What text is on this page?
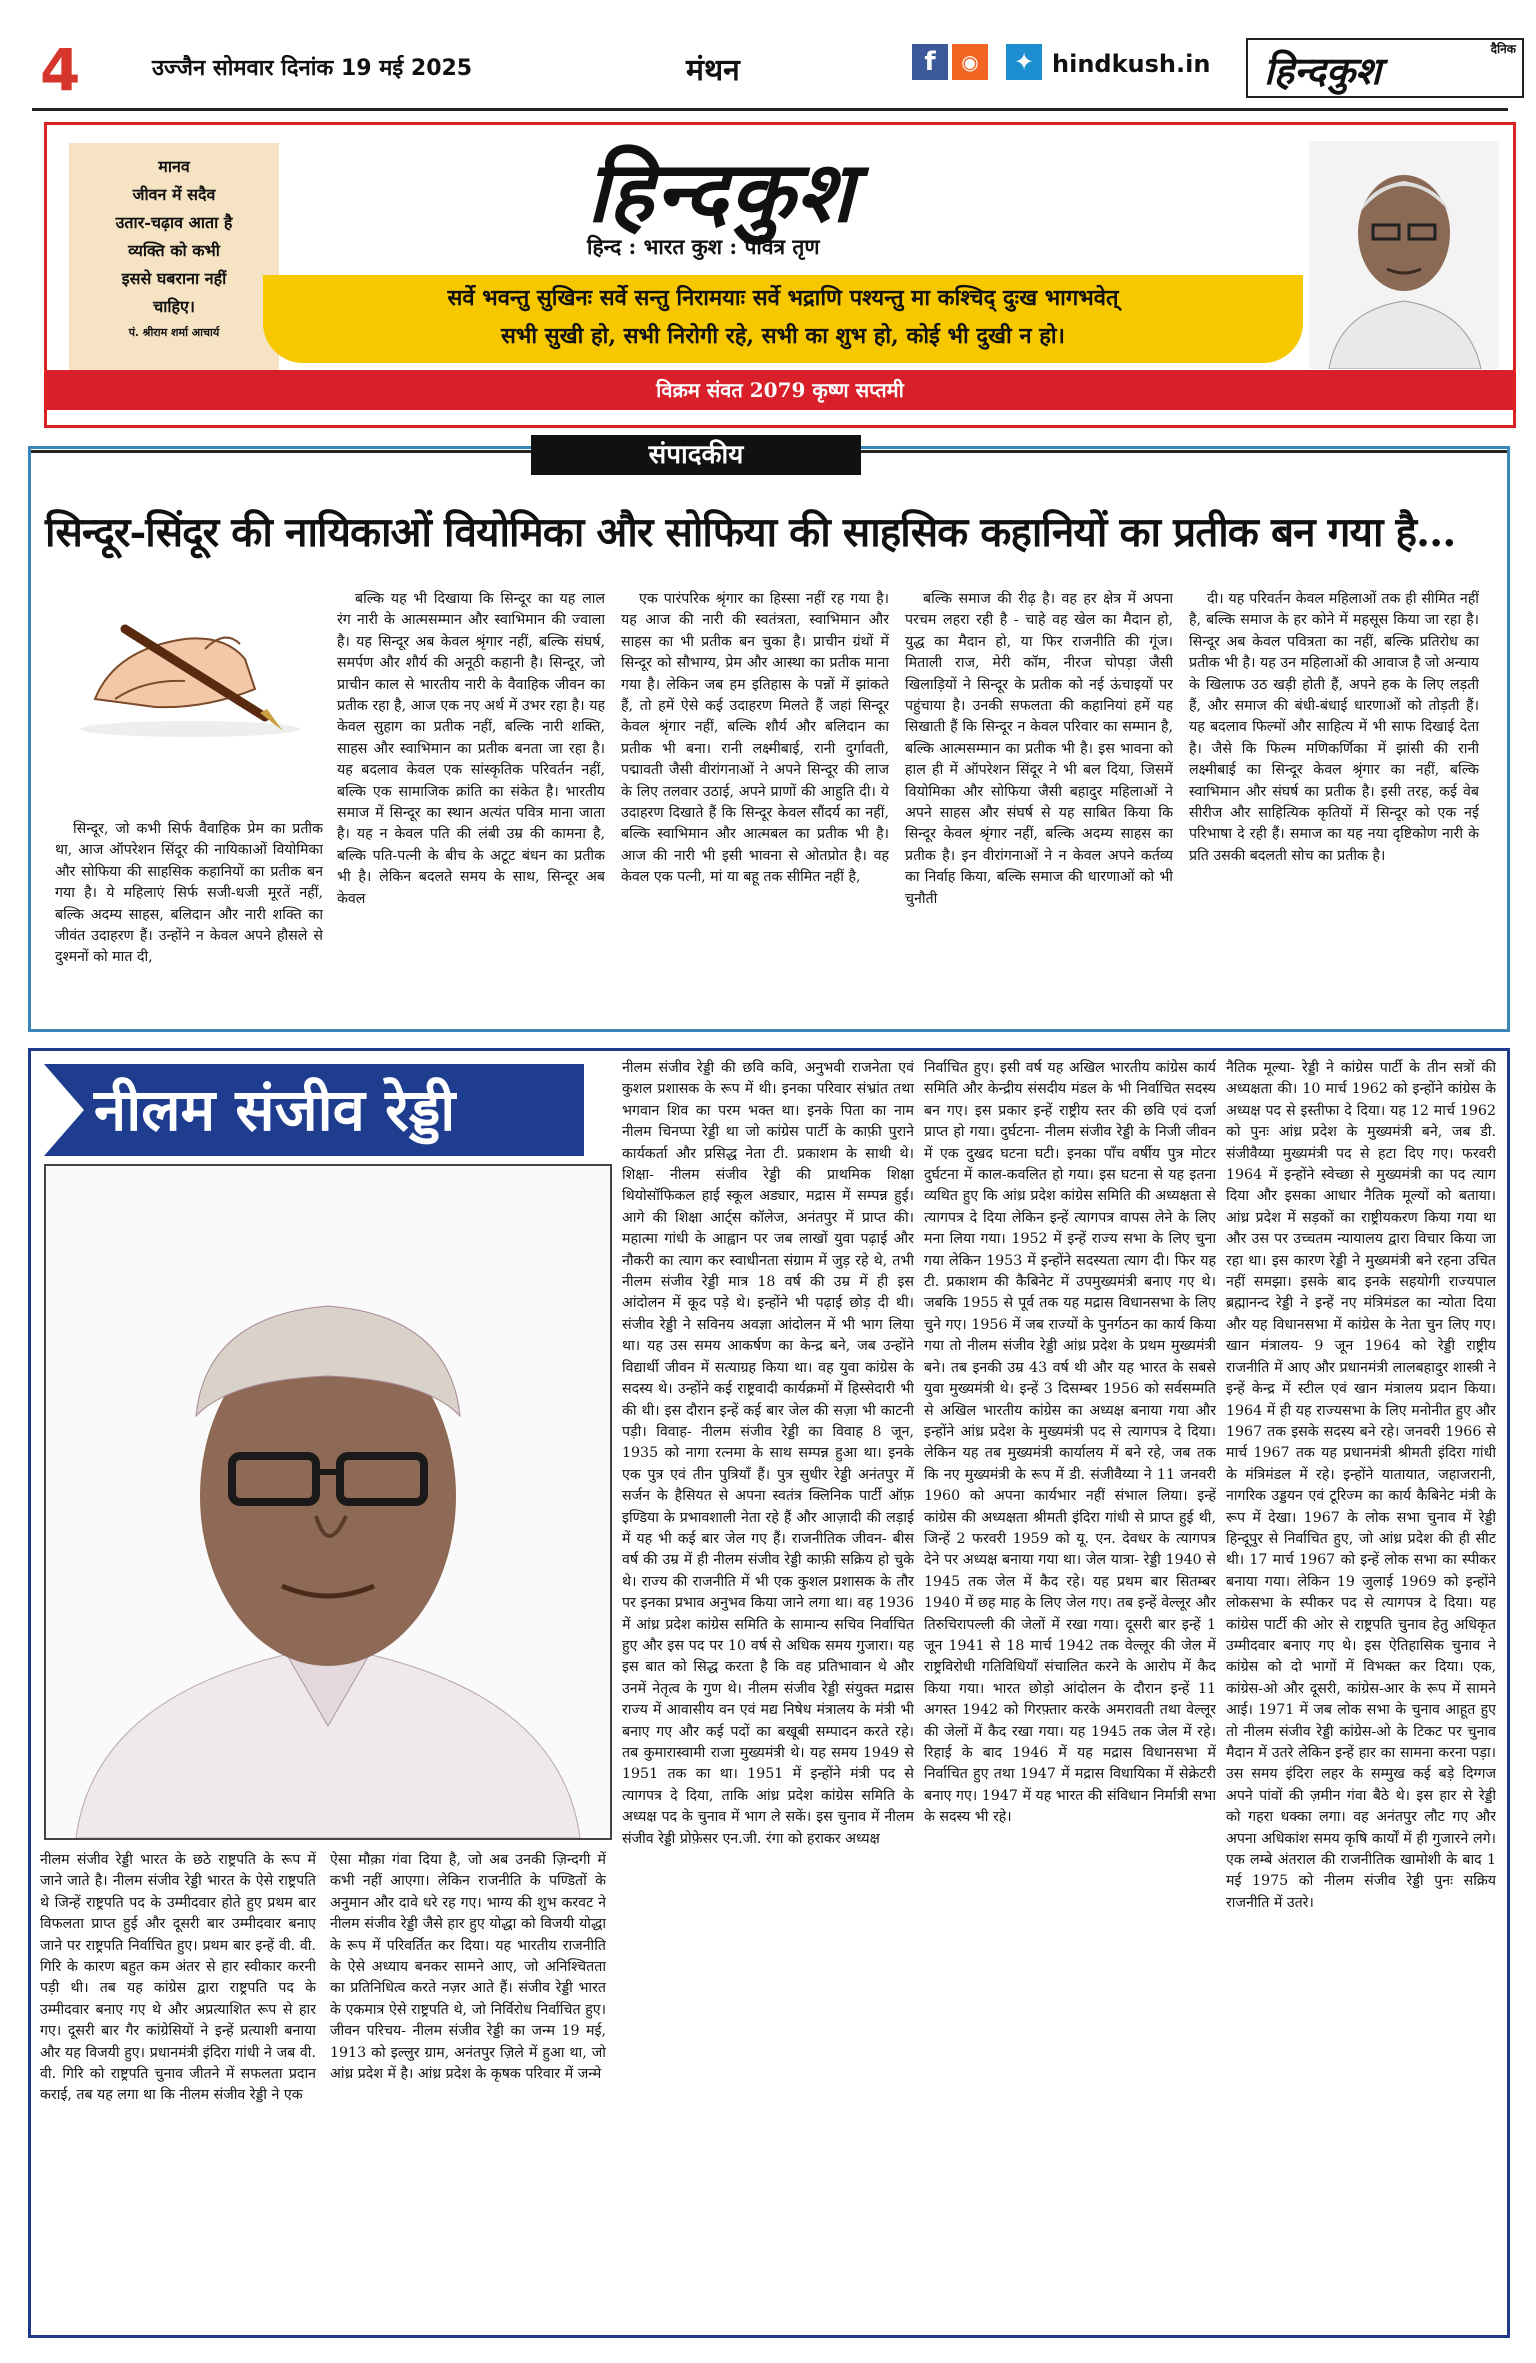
4	उज्जैन सोमवार दिनांक 19 मई 2025	मंथन	f	◉	✦ hindkush.in
दैनिक
हिन्दकुश
मानव
जीवन में सदैव
उतार-चढ़ाव आता है
व्यक्ति को कभी
इससे घबराना नहीं
चाहिए।
पं. श्रीराम शर्मा आचार्य
हिन्दकुश
हिन्द : भारत कुश : पवित्र तृण
सर्वे भवन्तु सुखिनः सर्वे सन्तु निरामयाः सर्वे भद्राणि पश्यन्तु मा कश्चिद् दुःख भागभवेत्
सभी सुखी हो, सभी निरोगी रहे, सभी का शुभ हो, कोई भी दुखी न हो।
विक्रम संवत 2079 कृष्ण सप्तमी
संपादकीय
सिन्दूर-सिंदूर की नायिकाओं वियोमिका और सोफिया की साहसिक कहानियों का प्रतीक बन गया है...

सिन्दूर, जो कभी सिर्फ वैवाहिक प्रेम का प्रतीक था, आज ऑपरेशन सिंदूर की नायिकाओं वियोमिका और सोफिया की साहसिक कहानियों का प्रतीक बन गया है। ये महिलाएं सिर्फ सजी-धजी मूरतें नहीं, बल्कि अदम्य साहस, बलिदान और नारी शक्ति का जीवंत उदाहरण हैं। उन्होंने न केवल अपने हौसले से दुश्मनों को मात दी,

बल्कि यह भी दिखाया कि सिन्दूर का यह लाल रंग नारी के आत्मसम्मान और स्वाभिमान की ज्वाला है। यह सिन्दूर अब केवल श्रृंगार नहीं, बल्कि संघर्ष, समर्पण और शौर्य की अनूठी कहानी है। सिन्दूर, जो प्राचीन काल से भारतीय नारी के वैवाहिक जीवन का प्रतीक रहा है, आज एक नए अर्थ में उभर रहा है। यह केवल सुहाग का प्रतीक नहीं, बल्कि नारी शक्ति, साहस और स्वाभिमान का प्रतीक बनता जा रहा है। यह बदलाव केवल एक सांस्कृतिक परिवर्तन नहीं, बल्कि एक सामाजिक क्रांति का संकेत है। भारतीय समाज में सिन्दूर का स्थान अत्यंत पवित्र माना जाता है। यह न केवल पति की लंबी उम्र की कामना है, बल्कि पति-पत्नी के बीच के अटूट बंधन का प्रतीक भी है। लेकिन बदलते समय के साथ, सिन्दूर अब केवल

एक पारंपरिक श्रृंगार का हिस्सा नहीं रह गया है। यह आज की नारी की स्वतंत्रता, स्वाभिमान और साहस का भी प्रतीक बन चुका है। प्राचीन ग्रंथों में सिन्दूर को सौभाग्य, प्रेम और आस्था का प्रतीक माना गया है। लेकिन जब हम इतिहास के पन्नों में झांकते हैं, तो हमें ऐसे कई उदाहरण मिलते हैं जहां सिन्दूर केवल श्रृंगार नहीं, बल्कि शौर्य और बलिदान का प्रतीक भी बना। रानी लक्ष्मीबाई, रानी दुर्गावती, पद्मावती जैसी वीरांगनाओं ने अपने सिन्दूर की लाज के लिए तलवार उठाई, अपने प्राणों की आहुति दी। ये उदाहरण दिखाते हैं कि सिन्दूर केवल सौंदर्य का नहीं, बल्कि स्वाभिमान और आत्मबल का प्रतीक भी है। आज की नारी भी इसी भावना से ओतप्रोत है। वह केवल एक पत्नी, मां या बहू तक सीमित नहीं है,

बल्कि समाज की रीढ़ है। वह हर क्षेत्र में अपना परचम लहरा रही है - चाहे वह खेल का मैदान हो, युद्ध का मैदान हो, या फिर राजनीति की गूंज। मिताली राज, मेरी कॉम, नीरज चोपड़ा जैसी खिलाड़ियों ने सिन्दूर के प्रतीक को नई ऊंचाइयों पर पहुंचाया है। उनकी सफलता की कहानियां हमें यह सिखाती हैं कि सिन्दूर न केवल परिवार का सम्मान है, बल्कि आत्मसम्मान का प्रतीक भी है। इस भावना को हाल ही में ऑपरेशन सिंदूर ने भी बल दिया, जिसमें वियोमिका और सोफिया जैसी बहादुर महिलाओं ने अपने साहस और संघर्ष से यह साबित किया कि सिन्दूर केवल श्रृंगार नहीं, बल्कि अदम्य साहस का प्रतीक है। इन वीरांगनाओं ने न केवल अपने कर्तव्य का निर्वाह किया, बल्कि समाज की धारणाओं को भी चुनौती

दी। यह परिवर्तन केवल महिलाओं तक ही सीमित नहीं है, बल्कि समाज के हर कोने में महसूस किया जा रहा है। सिन्दूर अब केवल पवित्रता का नहीं, बल्कि प्रतिरोध का प्रतीक भी है। यह उन महिलाओं की आवाज है जो अन्याय के खिलाफ उठ खड़ी होती हैं, अपने हक के लिए लड़ती हैं, और समाज की बंधी-बंधाई धारणाओं को तोड़ती हैं। यह बदलाव फिल्मों और साहित्य में भी साफ दिखाई देता है। जैसे कि फिल्म मणिकर्णिका में झांसी की रानी लक्ष्मीबाई का सिन्दूर केवल श्रृंगार का नहीं, बल्कि स्वाभिमान और संघर्ष का प्रतीक है। इसी तरह, कई वेब सीरीज और साहित्यिक कृतियों में सिन्दूर को एक नई परिभाषा दे रही हैं। समाज का यह नया दृष्टिकोण नारी के प्रति उसकी बदलती सोच का प्रतीक है।

नीलम संजीव रेड्डी

नीलम संजीव रेड्डी भारत के छठे राष्ट्रपति के रूप में जाने जाते है। नीलम संजीव रेड्डी भारत के ऐसे राष्ट्रपति थे जिन्हें राष्ट्रपति पद के उम्मीदवार होते हुए प्रथम बार विफलता प्राप्त हुई और दूसरी बार उम्मीदवार बनाए जाने पर राष्ट्रपति निर्वाचित हुए। प्रथम बार इन्हें वी. वी. गिरि के कारण बहुत कम अंतर से हार स्वीकार करनी पड़ी थी। तब यह कांग्रेस द्वारा राष्ट्रपति पद के उम्मीदवार बनाए गए थे और अप्रत्याशित रूप से हार गए। दूसरी बार गैर कांग्रेसियों ने इन्हें प्रत्याशी बनाया और यह विजयी हुए। प्रधानमंत्री इंदिरा गांधी ने जब वी. वी. गिरि को राष्ट्रपति चुनाव जीतने में सफलता प्रदान कराई, तब यह लगा था कि नीलम संजीव रेड्डी ने एक

ऐसा मौक़ा गंवा दिया है, जो अब उनकी ज़िन्दगी में कभी नहीं आएगा। लेकिन राजनीति के पण्डितों के अनुमान और दावे धरे रह गए। भाग्य की शुभ करवट ने नीलम संजीव रेड्डी जैसे हार हुए योद्धा को विजयी योद्धा के रूप में परिवर्तित कर दिया। यह भारतीय राजनीति के ऐसे अध्याय बनकर सामने आए, जो अनिश्चितता का प्रतिनिधित्व करते नज़र आते हैं। संजीव रेड्डी भारत के एकमात्र ऐसे राष्ट्रपति थे, जो निर्विरोध निर्वाचित हुए। जीवन परिचय- नीलम संजीव रेड्डी का जन्म 19 मई, 1913 को इल्लुर ग्राम, अनंतपुर ज़िले में हुआ था, जो आंध्र प्रदेश में है। आंध्र प्रदेश के कृषक परिवार में जन्मे

नीलम संजीव रेड्डी की छवि कवि, अनुभवी राजनेता एवं कुशल प्रशासक के रूप में थी। इनका परिवार संभ्रांत तथा भगवान शिव का परम भक्त था। इनके पिता का नाम नीलम चिनप्पा रेड्डी था जो कांग्रेस पार्टी के काफ़ी पुराने कार्यकर्ता और प्रसिद्ध नेता टी. प्रकाशम के साथी थे। शिक्षा- नीलम संजीव रेड्डी की प्राथमिक शिक्षा थियोसॉफिकल हाई स्कूल अड्यार, मद्रास में सम्पन्न हुई। आगे की शिक्षा आर्ट्स कॉलेज, अनंतपुर में प्राप्त की। महात्मा गांधी के आह्वान पर जब लाखों युवा पढ़ाई और नौकरी का त्याग कर स्वाधीनता संग्राम में जुड़ रहे थे, तभी नीलम संजीव रेड्डी मात्र 18 वर्ष की उम्र में ही इस आंदोलन में कूद पड़े थे। इन्होंने भी पढ़ाई छोड़ दी थी। संजीव रेड्डी ने सविनय अवज्ञा आंदोलन में भी भाग लिया था। यह उस समय आकर्षण का केन्द्र बने, जब उन्होंने विद्यार्थी जीवन में सत्याग्रह किया था। वह युवा कांग्रेस के सदस्य थे। उन्होंने कई राष्ट्रवादी कार्यक्रमों में हिस्सेदारी भी की थी। इस दौरान इन्हें कई बार जेल की सज़ा भी काटनी पड़ी। विवाह- नीलम संजीव रेड्डी का विवाह 8 जून, 1935 को नागा रत्नमा के साथ सम्पन्न हुआ था। इनके एक पुत्र एवं तीन पुत्रियाँ हैं। पुत्र सुधीर रेड्डी अनंतपुर में सर्जन के हैसियत से अपना स्वतंत्र क्लिनिक पार्टी ऑफ़ इण्डिया के प्रभावशाली नेता रहे हैं और आज़ादी की लड़ाई में यह भी कई बार जेल गए हैं। राजनीतिक जीवन- बीस वर्ष की उम्र में ही नीलम संजीव रेड्डी काफ़ी सक्रिय हो चुके थे। राज्य की राजनीति में भी एक कुशल प्रशासक के तौर पर इनका प्रभाव अनुभव किया जाने लगा था। वह 1936 में आंध्र प्रदेश कांग्रेस समिति के सामान्य सचिव निर्वाचित हुए और इस पद पर 10 वर्ष से अधिक समय गुजारा। यह इस बात को सिद्ध करता है कि वह प्रतिभावान थे और उनमें नेतृत्व के गुण थे। नीलम संजीव रेड्डी संयुक्त मद्रास राज्य में आवासीय वन एवं मद्य निषेध मंत्रालय के मंत्री भी बनाए गए और कई पदों का बखूबी सम्पादन करते रहे। तब कुमारास्वामी राजा मुख्यमंत्री थे। यह समय 1949 से 1951 तक का था। 1951 में इन्होंने मंत्री पद से त्यागपत्र दे दिया, ताकि आंध्र प्रदेश कांग्रेस समिति के अध्यक्ष पद के चुनाव में भाग ले सकें। इस चुनाव में नीलम संजीव रेड्डी प्रोफ़ेसर एन.जी. रंगा को हराकर अध्यक्ष

निर्वाचित हुए। इसी वर्ष यह अखिल भारतीय कांग्रेस कार्य समिति और केन्द्रीय संसदीय मंडल के भी निर्वाचित सदस्य बन गए। इस प्रकार इन्हें राष्ट्रीय स्तर की छवि एवं दर्जा प्राप्त हो गया। दुर्घटना- नीलम संजीव रेड्डी के निजी जीवन में एक दुखद घटना घटी। इनका पाँच वर्षीय पुत्र मोटर दुर्घटना में काल-कवलित हो गया। इस घटना से यह इतना व्यथित हुए कि आंध्र प्रदेश कांग्रेस समिति की अध्यक्षता से त्यागपत्र दे दिया लेकिन इन्हें त्यागपत्र वापस लेने के लिए मना लिया गया। 1952 में इन्हें राज्य सभा के लिए चुना गया लेकिन 1953 में इन्होंने सदस्यता त्याग दी। फिर यह टी. प्रकाशम की कैबिनेट में उपमुख्यमंत्री बनाए गए थे। जबकि 1955 से पूर्व तक यह मद्रास विधानसभा के लिए चुने गए। 1956 में जब राज्यों के पुनर्गठन का कार्य किया गया तो नीलम संजीव रेड्डी आंध्र प्रदेश के प्रथम मुख्यमंत्री बने। तब इनकी उम्र 43 वर्ष थी और यह भारत के सबसे युवा मुख्यमंत्री थे। इन्हें 3 दिसम्बर 1956 को सर्वसम्मति से अखिल भारतीय कांग्रेस का अध्यक्ष बनाया गया और इन्होंने आंध्र प्रदेश के मुख्यमंत्री पद से त्यागपत्र दे दिया। लेकिन यह तब मुख्यमंत्री कार्यालय में बने रहे, जब तक कि नए मुख्यमंत्री के रूप में डी. संजीवैय्या ने 11 जनवरी 1960 को अपना कार्यभार नहीं संभाल लिया। इन्हें कांग्रेस की अध्यक्षता श्रीमती इंदिरा गांधी से प्राप्त हुई थी, जिन्हें 2 फरवरी 1959 को यू. एन. देवधर के त्यागपत्र देने पर अध्यक्ष बनाया गया था। जेल यात्रा- रेड्डी 1940 से 1945 तक जेल में कैद रहे। यह प्रथम बार सितम्बर 1940 में छह माह के लिए जेल गए। तब इन्हें वेल्लूर और तिरुचिरापल्ली की जेलों में रखा गया। दूसरी बार इन्हें 1 जून 1941 से 18 मार्च 1942 तक वेल्लूर की जेल में राष्ट्रविरोधी गतिविधियाँ संचालित करने के आरोप में कैद किया गया। भारत छोड़ो आंदोलन के दौरान इन्हें 11 अगस्त 1942 को गिरफ़्तार करके अमरावती तथा वेल्लूर की जेलों में कैद रखा गया। यह 1945 तक जेल में रहे। रिहाई के बाद 1946 में यह मद्रास विधानसभा में निर्वाचित हुए तथा 1947 में मद्रास विधायिका में सेक्रेटरी बनाए गए। 1947 में यह भारत की संविधान निर्मात्री सभा के सदस्य भी रहे।

नैतिक मूल्या- रेड्डी ने कांग्रेस पार्टी के तीन सत्रों की अध्यक्षता की। 10 मार्च 1962 को इन्होंने कांग्रेस के अध्यक्ष पद से इस्तीफा दे दिया। यह 12 मार्च 1962 को पुनः आंध्र प्रदेश के मुख्यमंत्री बने, जब डी. संजीवैय्या मुख्यमंत्री पद से हटा दिए गए। फरवरी 1964 में इन्होंने स्वेच्छा से मुख्यमंत्री का पद त्याग दिया और इसका आधार नैतिक मूल्यों को बताया। आंध्र प्रदेश में सड़कों का राष्ट्रीयकरण किया गया था और उस पर उच्चतम न्यायालय द्वारा विचार किया जा रहा था। इस कारण रेड्डी ने मुख्यमंत्री बने रहना उचित नहीं समझा। इसके बाद इनके सहयोगी राज्यपाल ब्रह्मानन्द रेड्डी ने इन्हें नए मंत्रिमंडल का न्योता दिया और यह विधानसभा में कांग्रेस के नेता चुन लिए गए। खान मंत्रालय- 9 जून 1964 को रेड्डी राष्ट्रीय राजनीति में आए और प्रधानमंत्री लालबहादुर शास्त्री ने इन्हें केन्द्र में स्टील एवं खान मंत्रालय प्रदान किया। 1964 में ही यह राज्यसभा के लिए मनोनीत हुए और 1967 तक इसके सदस्य बने रहे। जनवरी 1966 से मार्च 1967 तक यह प्रधानमंत्री श्रीमती इंदिरा गांधी के मंत्रिमंडल में रहे। इन्होंने यातायात, जहाजरानी, नागरिक उड्डयन एवं टूरिज्म का कार्य कैबिनेट मंत्री के रूप में देखा। 1967 के लोक सभा चुनाव में रेड्डी हिन्दूपुर से निर्वाचित हुए, जो आंध्र प्रदेश की ही सीट थी। 17 मार्च 1967 को इन्हें लोक सभा का स्पीकर बनाया गया। लेकिन 19 जुलाई 1969 को इन्होंने लोकसभा के स्पीकर पद से त्यागपत्र दे दिया। यह कांग्रेस पार्टी की ओर से राष्ट्रपति चुनाव हेतु अधिकृत उम्मीदवार बनाए गए थे। इस ऐतिहासिक चुनाव ने कांग्रेस को दो भागों में विभक्त कर दिया। एक, कांग्रेस-ओ और दूसरी, कांग्रेस-आर के रूप में सामने आई। 1971 में जब लोक सभा के चुनाव आहूत हुए तो नीलम संजीव रेड्डी कांग्रेस-ओ के टिकट पर चुनाव मैदान में उतरे लेकिन इन्हें हार का सामना करना पड़ा। उस समय इंदिरा लहर के सम्मुख कई बड़े दिग्गज अपने पांवों की ज़मीन गंवा बैठे थे। इस हार से रेड्डी को गहरा धक्का लगा। वह अनंतपुर लौट गए और अपना अधिकांश समय कृषि कार्यों में ही गुजारने लगे। एक लम्बे अंतराल की राजनीतिक खामोशी के बाद 1 मई 1975 को नीलम संजीव रेड्डी पुनः सक्रिय राजनीति में उतरे।
